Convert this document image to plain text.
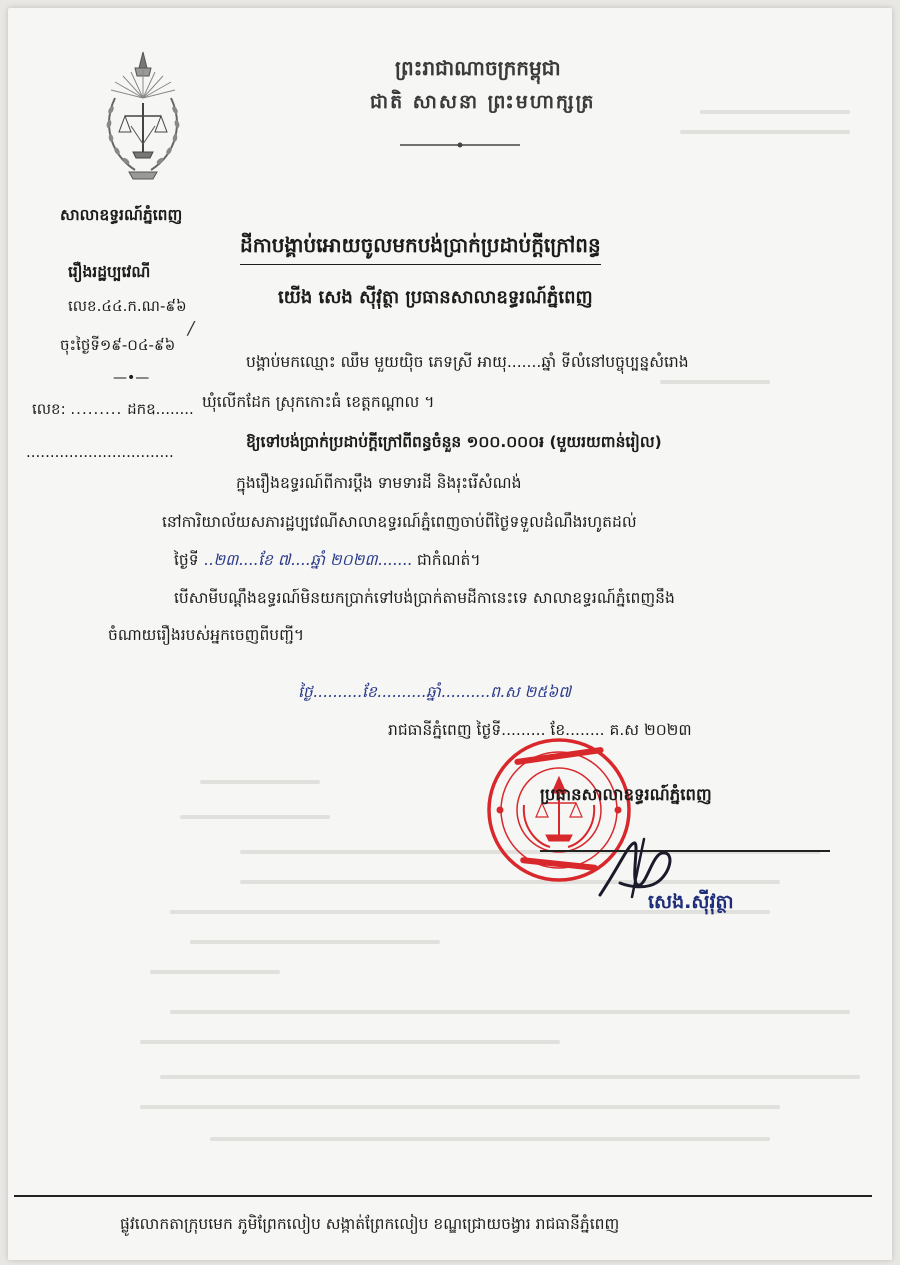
ព្រះរាជាណាចក្រកម្ពុជា
ជាតិ សាសនា ព្រះមហាក្សត្រ
សាលាឧទ្ធរណ៍ភ្នំពេញ
រឿងរដ្ឋប្បវេណី
លេខ.៤៤.ក.ណ-៩៦
ចុះថ្ងៃទី១៩-០៤-៩៦
/
—•—
លេខ: ......... ដកឧ........
...............................
ដីកាបង្គាប់អោយចូលមកបង់ប្រាក់ប្រដាប់ក្តីក្រៅពន្ធ
យើង សេង ស៊ីវុត្ថា ប្រធានសាលាឧទ្ធរណ៍ភ្នំពេញ
បង្គាប់មកឈ្មោះ ឈឹម មួយយ៉ិច ភេទស្រី អាយុ.......ឆ្នាំ ទីលំនៅបច្ចុប្បន្នសំរោង
ឃុំលើកដែក ស្រុកកោះធំ ខេត្តកណ្តាល ។
ឱ្យទៅបង់ប្រាក់ប្រដាប់ក្តីក្រៅពីពន្ធចំនួន ១០០.០០០៛ (មួយរយពាន់រៀល)
ក្នុងរឿងឧទ្ធរណ៍ពីការប្តឹង ទាមទារដី និងរុះរើសំណង់
នៅការិយាល័យសភារដ្ឋប្បវេណីសាលាឧទ្ធរណ៍ភ្នំពេញចាប់ពីថ្ងៃទទួលដំណឹងរហូតដល់
ថ្ងៃទី ..២៣....ខែ ៧....ឆ្នាំ ២០២៣....... ជាកំណត់។
បើសាមីបណ្តឹងឧទ្ធរណ៍មិនយកប្រាក់ទៅបង់ប្រាក់តាមដីកានេះទេ សាលាឧទ្ធរណ៍ភ្នំពេញនឹង
ចំណាយរឿងរបស់អ្នកចេញពីបញ្ជី។
ថ្ងៃ..........ខែ..........ឆ្នាំ..........ព.ស ២៥៦៧
រាជធានីភ្នំពេញ ថ្ងៃទី......... ខែ........ គ.ស ២០២៣
ប្រធានសាលាឧទ្ធរណ៍ភ្នំពេញ
សេង.ស៊ីវុត្ថា
ផ្លូវលោកតាក្រុបមេក ភូមិព្រែកលៀប សង្កាត់ព្រែកលៀប ខណ្ឌជ្រោយចង្វារ រាជធានីភ្នំពេញ
